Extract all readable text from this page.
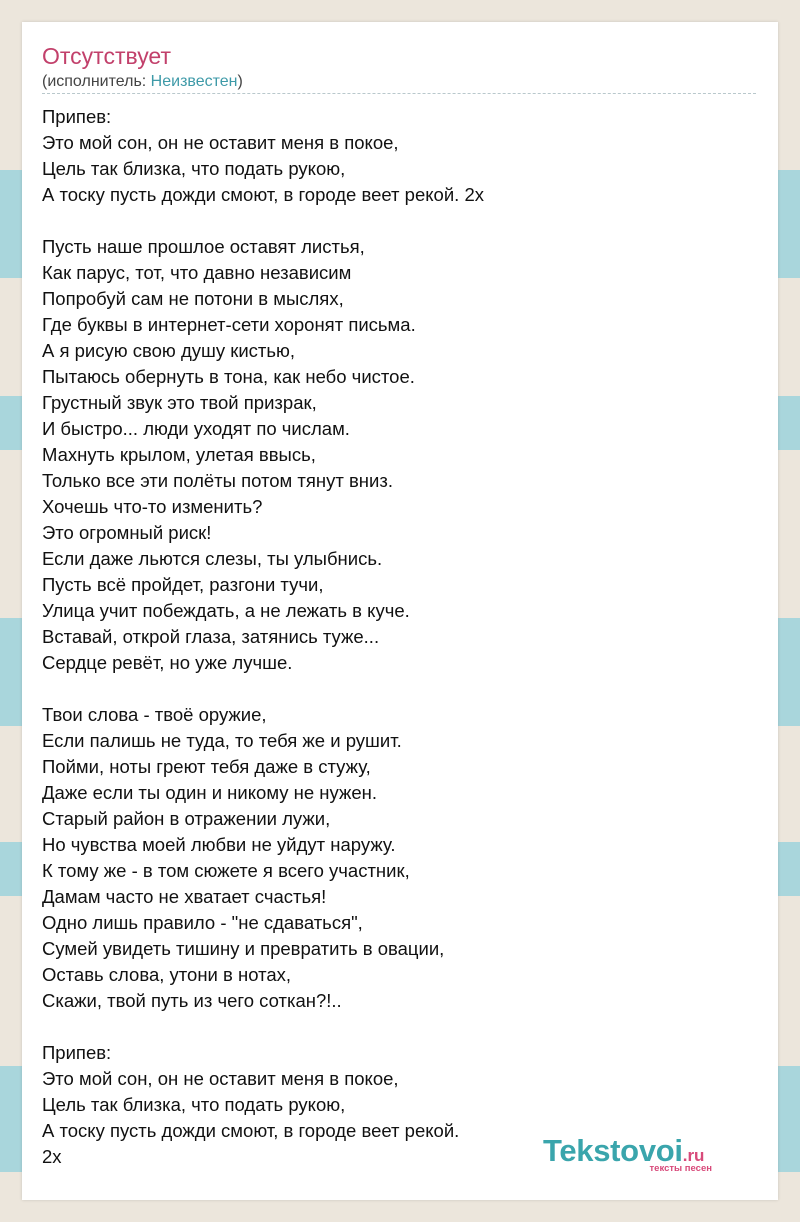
Отсутствует
(исполнитель: Неизвестен)
Припев:
Это мой сон, он не оставит меня в покое,
Цель так близка, что подать рукою,
А тоску пусть дожди смоют, в городе веет рекой. 2x
Пусть наше прошлое оставят листья,
Как парус, тот, что давно независим
Попробуй сам не потони в мыслях,
Где буквы в интернет-сети хоронят письма.
А я рисую свою душу кистью,
Пытаюсь обернуть в тона, как небо чистое.
Грустный звук это твой призрак,
И быстро... люди уходят по числам.
Махнуть крылом, улетая ввысь,
Только все эти полёты потом тянут вниз.
Хочешь что-то изменить?
Это огромный риск!
Если даже льются слезы, ты улыбнись.
Пусть всё пройдет, разгони тучи,
Улица учит побеждать, а не лежать в куче.
Вставай, открой глаза, затянись туже...
Сердце ревёт, но уже лучше.
Твои слова - твоё оружие,
Если палишь не туда, то тебя же и рушит.
Пойми, ноты греют тебя даже в стужу,
Даже если ты один и никому не нужен.
Старый район в отражении лужи,
Но чувства моей любви не уйдут наружу.
К тому же - в том сюжете я всего участник,
Дамам часто не хватает счастья!
Одно лишь правило - "не сдаваться",
Сумей увидеть тишину и превратить в овации,
Оставь слова, утони в нотах,
Скажи, твой путь из чего соткан?!..
Припев:
Это мой сон, он не оставит меня в покое,
Цель так близка, что подать рукою,
А тоску пусть дожди смоют, в городе веет рекой.
2x	Tekstovoi.ru
тексты песен
